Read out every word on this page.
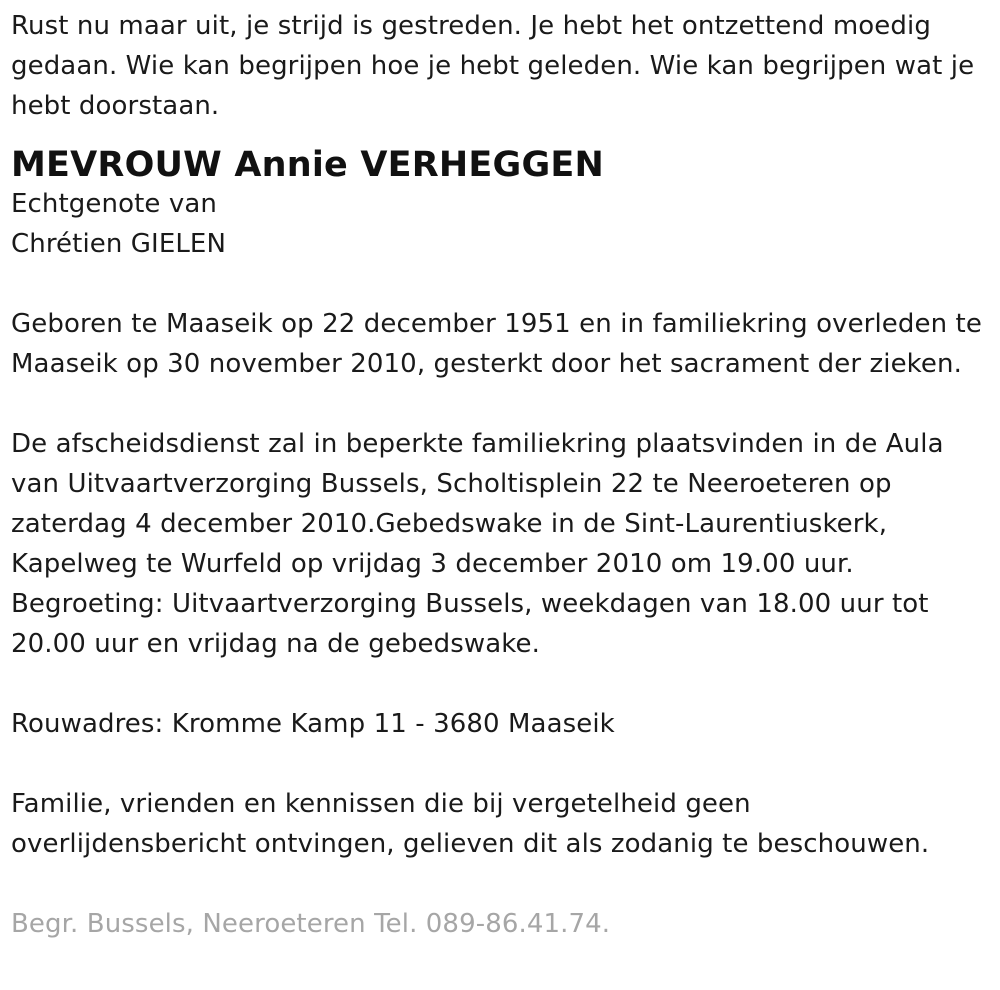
Rust nu maar uit, je strijd is gestreden. Je hebt het ontzettend moedig
gedaan. Wie kan begrijpen hoe je hebt geleden. Wie kan begrijpen wat je
hebt doorstaan.
MEVROUW Annie VERHEGGEN
Echtgenote van
Chrétien GIELEN
Geboren te Maaseik op 22 december 1951 en in familiekring overleden te
Maaseik op 30 november 2010, gesterkt door het sacrament der zieken.
De afscheidsdienst zal in beperkte familiekring plaatsvinden in de Aula
van Uitvaartverzorging Bussels, Scholtisplein 22 te Neeroeteren op
zaterdag 4 december 2010.Gebedswake in de Sint-Laurentiuskerk,
Kapelweg te Wurfeld op vrijdag 3 december 2010 om 19.00 uur.
Begroeting: Uitvaartverzorging Bussels, weekdagen van 18.00 uur tot
20.00 uur en vrijdag na de gebedswake.
Rouwadres: Kromme Kamp 11 - 3680 Maaseik
Familie, vrienden en kennissen die bij vergetelheid geen
overlijdensbericht ontvingen, gelieven dit als zodanig te beschouwen.
Begr. Bussels, Neeroeteren Tel. 089-86.41.74.
